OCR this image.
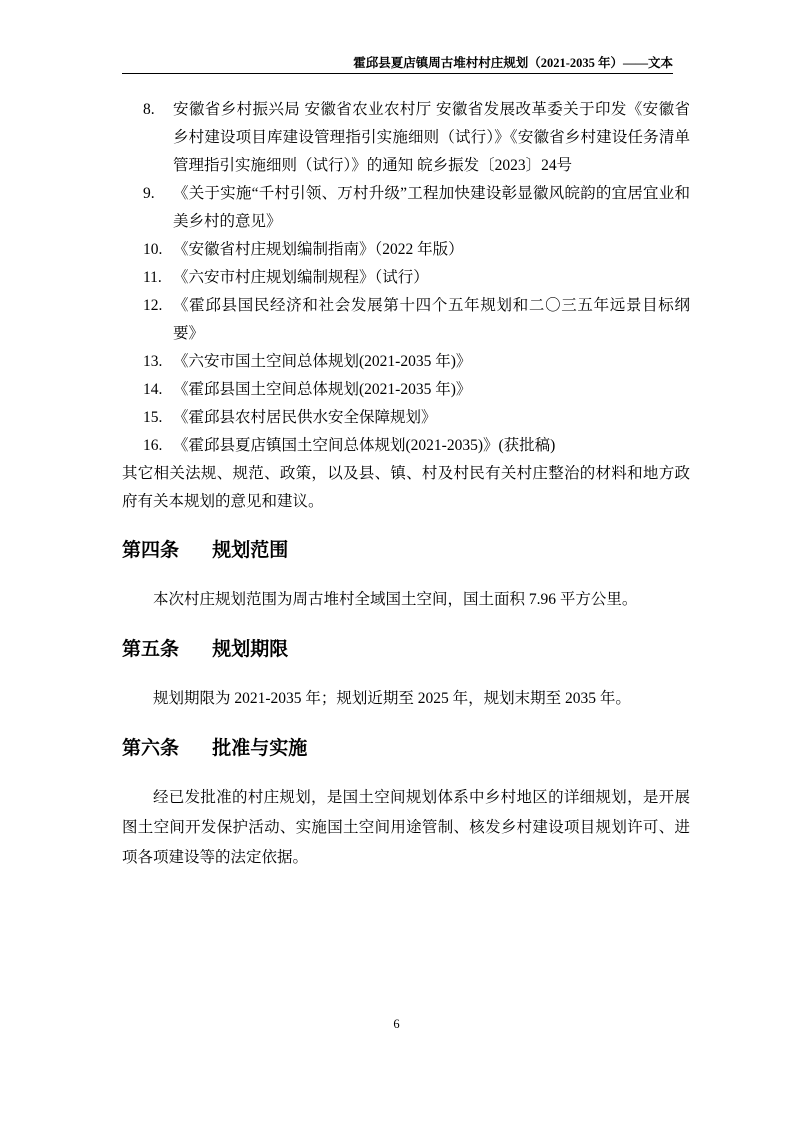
霍邱县夏店镇周古堆村村庄规划（2021-2035 年）——文本
8.	安徽省乡村振兴局 安徽省农业农村厅 安徽省发展改革委关于印发《安徽省乡村建设项目库建设管理指引实施细则（试行）》《安徽省乡村建设任务清单管理指引实施细则（试行）》的通知 皖乡振发〔2023〕24号
9.	《关于实施“千村引领、万村升级”工程加快建设彰显徽风皖韵的宜居宜业和美乡村的意见》
10. 《安徽省村庄规划编制指南》（2022 年版）
11. 《六安市村庄规划编制规程》（试行）
12. 《霍邱县国民经济和社会发展第十四个五年规划和二〇三五年远景目标纲要》
13. 《六安市国土空间总体规划(2021-2035 年)》
14. 《霍邱县国土空间总体规划(2021-2035 年)》
15. 《霍邱县农村居民供水安全保障规划》
16. 《霍邱县夏店镇国土空间总体规划(2021-2035)》(获批稿)

其它相关法规、规范、政策，以及县、镇、村及村民有关村庄整治的材料和地方政府有关本规划的意见和建议。

第四条 规划范围

本次村庄规划范围为周古堆村全域国土空间，国土面积 7.96 平方公里。

第五条 规划期限

规划期限为 2021-2035 年；规划近期至 2025 年，规划末期至 2035 年。

第六条 批准与实施

经已发批准的村庄规划，是国土空间规划体系中乡村地区的详细规划，是开展图土空间开发保护活动、实施国土空间用途管制、核发乡村建设项目规划许可、进项各项建设等的法定依据。

6
